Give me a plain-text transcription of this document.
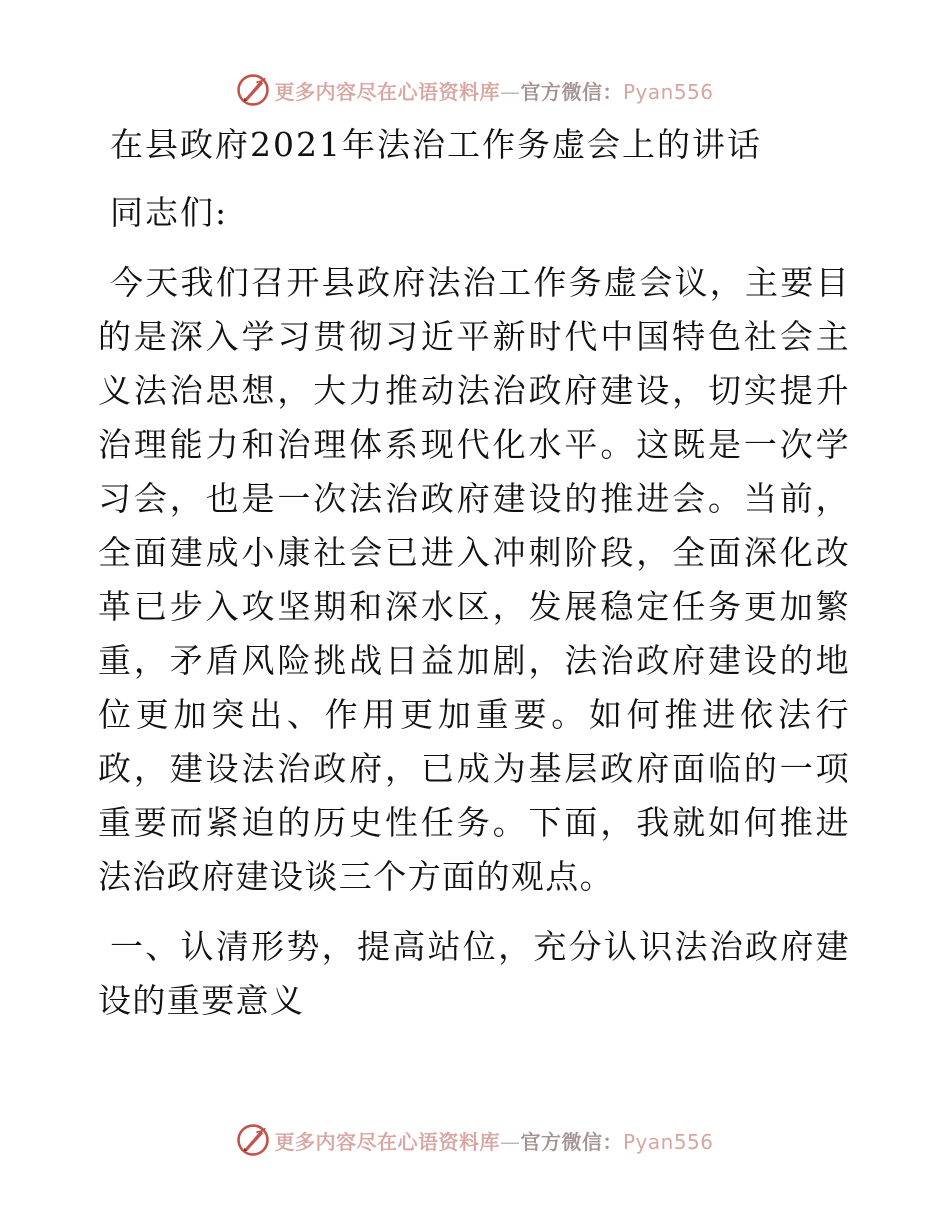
更多内容尽在心语资料库—官方微信：Pyan556

在县政府2021年法治工作务虚会上的讲话

同志们:

今天我们召开县政府法治工作务虚会议，主要目的是深入学习贯彻习近平新时代中国特色社会主义法治思想，大力推动法治政府建设，切实提升治理能力和治理体系现代化水平。这既是一次学习会，也是一次法治政府建设的推进会。当前，全面建成小康社会已进入冲刺阶段，全面深化改革已步入攻坚期和深水区，发展稳定任务更加繁重，矛盾风险挑战日益加剧，法治政府建设的地位更加突出、作用更加重要。如何推进依法行政，建设法治政府，已成为基层政府面临的一项重要而紧迫的历史性任务。下面，我就如何推进法治政府建设谈三个方面的观点。

一、认清形势，提高站位，充分认识法治政府建设的重要意义

更多内容尽在心语资料库—官方微信：Pyan556
